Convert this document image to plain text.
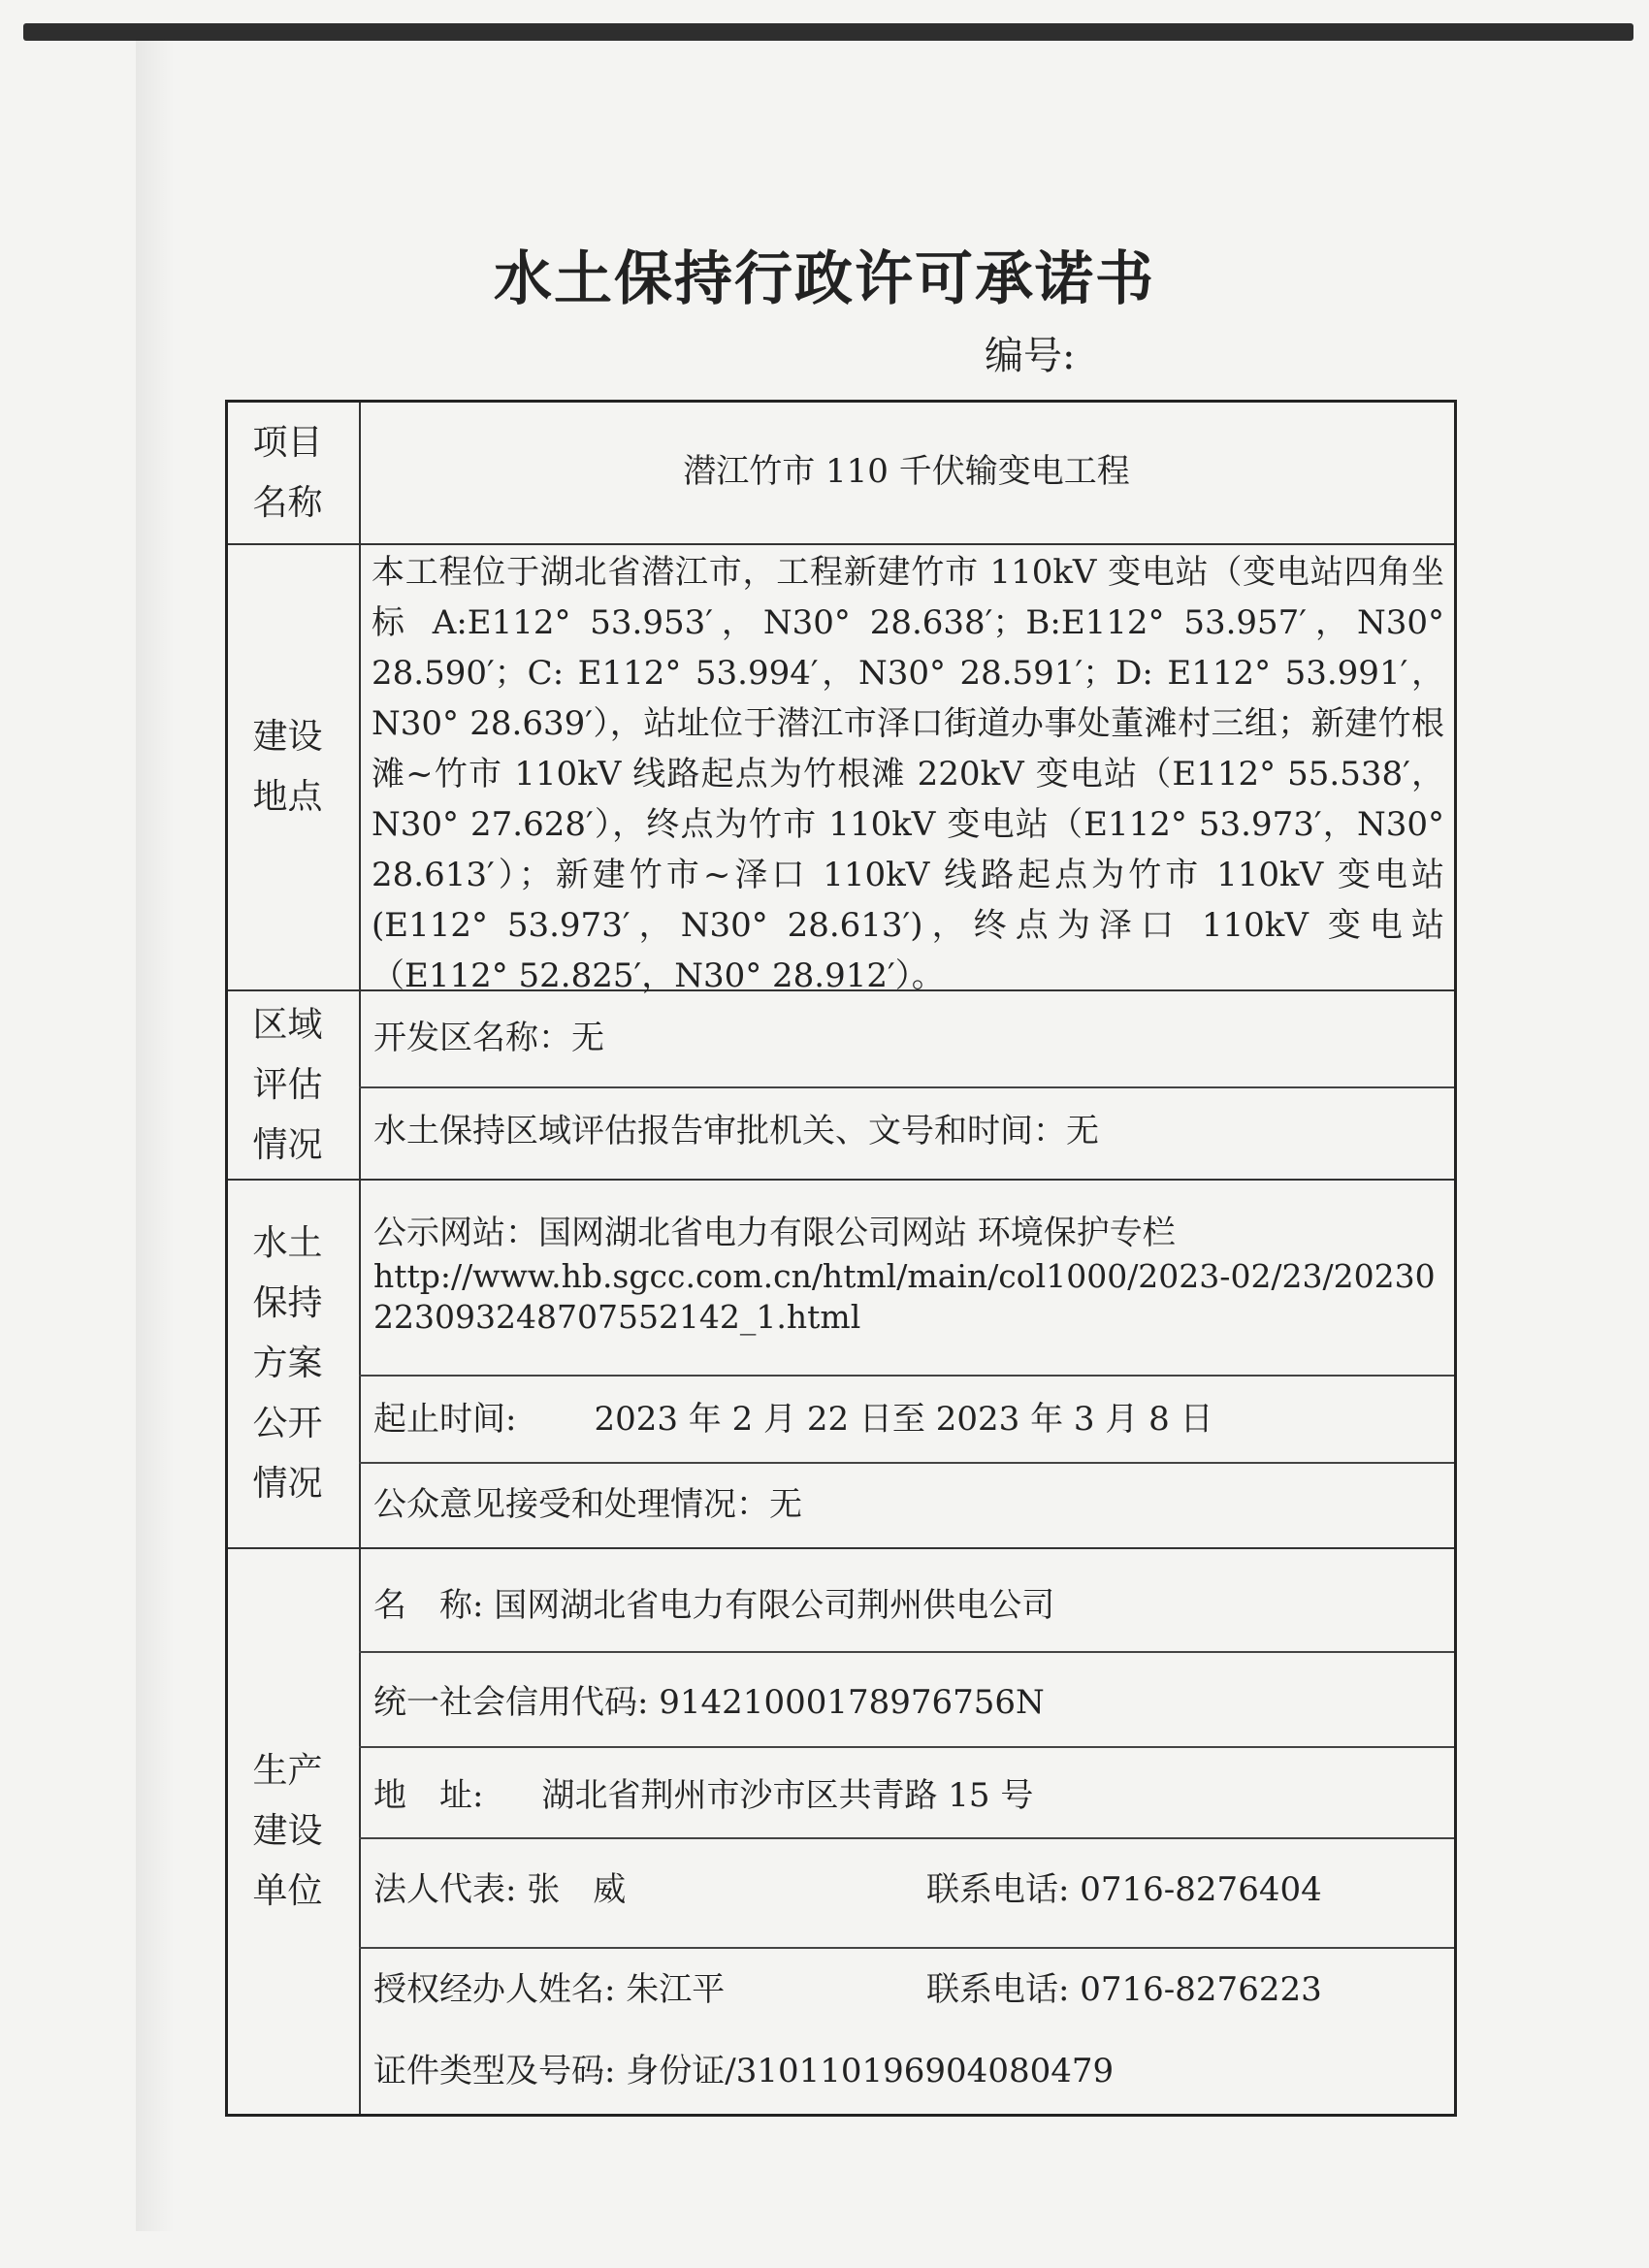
水土保持行政许可承诺书
编号:
项目名称
潜江竹市 110 千伏输变电工程
建设地点
本工程位于湖北省潜江市，工程新建竹市 110kV 变电站（变电站四角坐标 A:E112° 53.953′，N30° 28.638′；B:E112° 53.957′，N30° 28.590′；C: E112° 53.994′，N30° 28.591′；D: E112° 53.991′，N30° 28.639′），站址位于潜江市泽口街道办事处董滩村三组；新建竹根滩~竹市 110kV 线路起点为竹根滩 220kV 变电站（E112° 55.538′，N30° 27.628′），终点为竹市 110kV 变电站（E112° 53.973′，N30° 28.613′）；新建竹市~泽口 110kV 线路起点为竹市 110kV 变电站(E112° 53.973′，N30° 28.613′)，终点为泽口 110kV 变电站（E112° 52.825′，N30° 28.912′）。
区域评估情况
开发区名称：无
水土保持区域评估报告审批机关、文号和时间：无
水土保持方案公开情况
公示网站：国网湖北省电力有限公司网站 环境保护专栏
http://www.hb.sgcc.com.cn/html/main/col1000/2023-02/23/20230223093248707552142_1.html
起止时间: 2023 年 2 月 22 日至 2023 年 3 月 8 日
公众意见接受和处理情况：无
生产建设单位
名　称: 国网湖北省电力有限公司荆州供电公司
统一社会信用代码: 91421000178976756N
地　址: 湖北省荆州市沙市区共青路 15 号
法人代表: 张　威	联系电话: 0716-8276404
授权经办人姓名: 朱江平	联系电话: 0716-8276223
证件类型及号码: 身份证/310110196904080479
